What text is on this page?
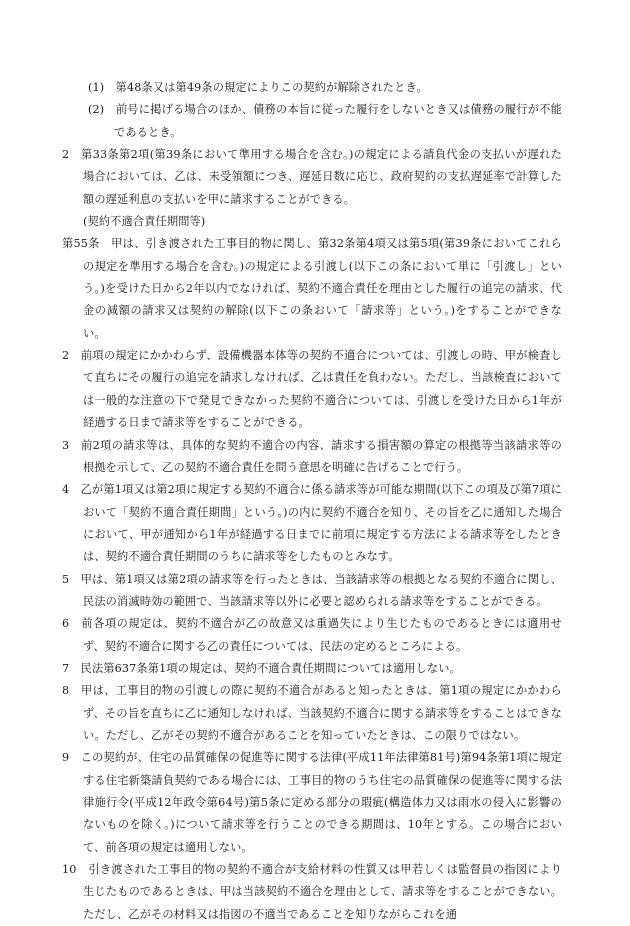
(1)　第48条又は第49条の規定によりこの契約が解除されたとき。

(2)　前号に掲げる場合のほか、債務の本旨に従った履行をしないとき又は債務の履行が不能であるとき。

2　第33条第2項(第39条において準用する場合を含む。)の規定による請負代金の支払いが遅れた場合においては、乙は、未受領額につき、遅延日数に応じ、政府契約の支払遅延率で計算した額の遅延利息の支払いを甲に請求することができる。

(契約不適合責任期間等)

第55条　甲は、引き渡された工事目的物に関し、第32条第4項又は第5項(第39条においてこれらの規定を準用する場合を含む。)の規定による引渡し(以下この条において単に「引渡し」という。)を受けた日から2年以内でなければ、契約不適合責任を理由とした履行の追完の請求、代金の減額の請求又は契約の解除(以下この条おいて「請求等」という。)をすることができない。

2　前項の規定にかかわらず、設備機器本体等の契約不適合については、引渡しの時、甲が検査して直ちにその履行の追完を請求しなければ、乙は責任を負わない。ただし、当該検査においては一般的な注意の下で発見できなかった契約不適合については、引渡しを受けた日から1年が経過する日まで請求等をすることができる。

3　前2項の請求等は、具体的な契約不適合の内容、請求する損害額の算定の根拠等当該請求等の根拠を示して、乙の契約不適合責任を問う意思を明確に告げることで行う。

4　乙が第1項又は第2項に規定する契約不適合に係る請求等が可能な期間(以下この項及び第7項において「契約不適合責任期間」という。)の内に契約不適合を知り、その旨を乙に通知した場合において、甲が通知から1年が経過する日までに前項に規定する方法による請求等をしたときは、契約不適合責任期間のうちに請求等をしたものとみなす。

5　甲は、第1項又は第2項の請求等を行ったときは、当該請求等の根拠となる契約不適合に関し、民法の消滅時効の範囲で、当該請求等以外に必要と認められる請求等をすることができる。

6　前各項の規定は、契約不適合が乙の故意又は重過失により生じたものであるときには適用せず、契約不適合に関する乙の責任については、民法の定めるところによる。

7　民法第637条第1項の規定は、契約不適合責任期間については適用しない。

8　甲は、工事目的物の引渡しの際に契約不適合があると知ったときは、第1項の規定にかかわらず、その旨を直ちに乙に通知しなければ、当該契約不適合に関する請求等をすることはできない。ただし、乙がその契約不適合があることを知っていたときは、この限りではない。

9　この契約が、住宅の品質確保の促進等に関する法律(平成11年法律第81号)第94条第1項に規定する住宅新築請負契約である場合には、工事目的物のうち住宅の品質確保の促進等に関する法律施行令(平成12年政令第64号)第5条に定める部分の瑕疵(構造体力又は雨水の侵入に影響のないものを除く。)について請求等を行うことのできる期間は、10年とする。この場合において、前各項の規定は適用しない。

10　引き渡された工事目的物の契約不適合が支給材料の性質又は甲若しくは監督員の指図により生じたものであるときは、甲は当該契約不適合を理由として、請求等をすることができない。ただし、乙がその材料又は指図の不適当であることを知りながらこれを通
